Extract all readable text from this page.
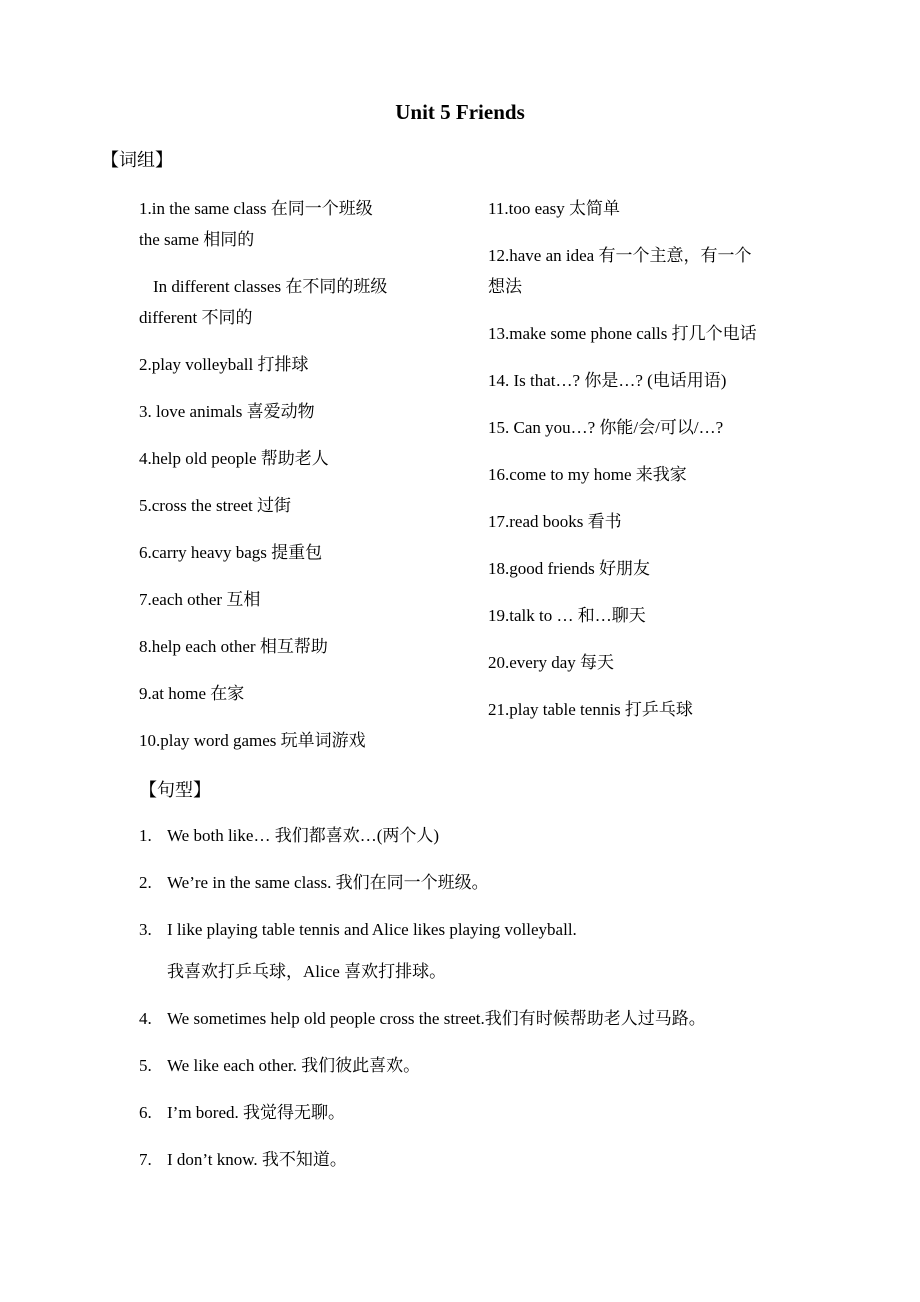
Unit 5 Friends
【词组】
1.in the same class 在同一个班级
the same 相同的
In different classes 在不同的班级
different 不同的
2.play volleyball 打排球
3. love animals 喜爱动物
4.help old people 帮助老人
5.cross the street 过街
6.carry heavy bags 提重包
7.each other 互相
8.help each other 相互帮助
9.at home 在家
10.play word games 玩单词游戏
11.too easy 太简单
12.have an idea 有一个主意，有一个
想法
13.make some phone calls 打几个电话
14. Is that…? 你是…? (电话用语)
15. Can you…? 你能/会/可以/…?
16.come to my home 来我家
17.read books 看书
18.good friends 好朋友
19.talk to … 和…聊天
20.every day 每天
21.play table tennis 打乒乓球
【句型】
1. We both like… 我们都喜欢…(两个人)
2. We’re in the same class. 我们在同一个班级。
3. I like playing table tennis and Alice likes playing volleyball.
我喜欢打乒乓球，Alice 喜欢打排球。
4. We sometimes help old people cross the street.我们有时候帮助老人过马路。
5. We like each other. 我们彼此喜欢。
6. I’m bored. 我觉得无聊。
7. I don’t know. 我不知道。
